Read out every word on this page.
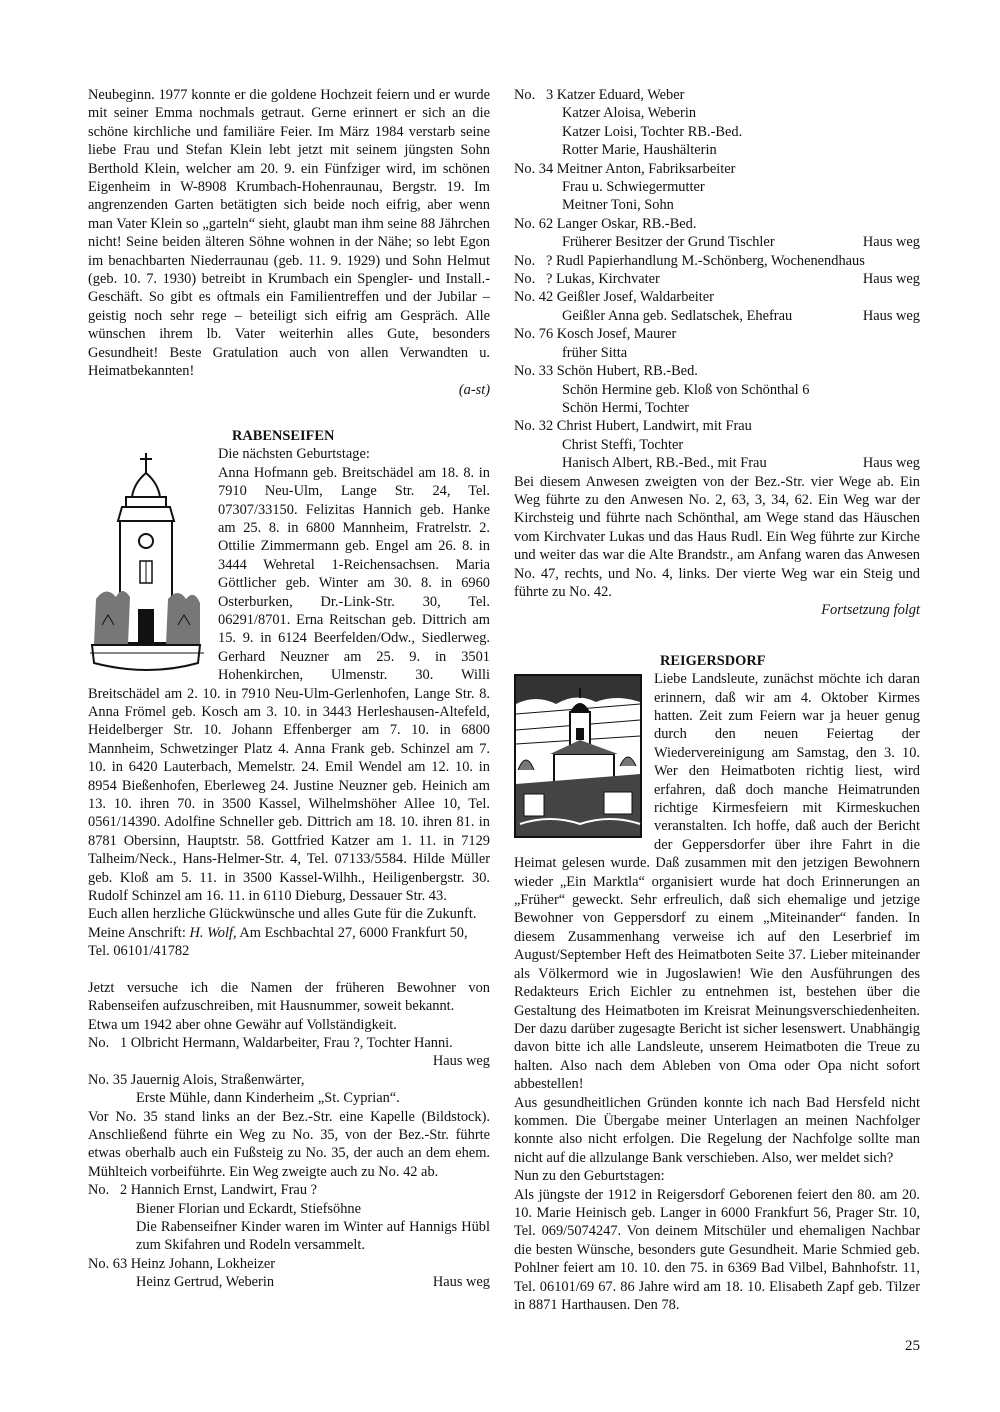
Neubeginn. 1977 konnte er die goldene Hochzeit feiern und er wurde mit seiner Emma nochmals getraut. Gerne erinnert er sich an die schöne kirchliche und familiäre Feier. Im März 1984 verstarb seine liebe Frau und Stefan Klein lebt jetzt mit seinem jüngsten Sohn Berthold Klein, welcher am 20. 9. ein Fünfziger wird, im schönen Eigenheim in W-8908 Krumbach-Hohenraunau, Bergstr. 19. Im angrenzenden Garten betätigten sich beide noch eifrig, aber wenn man Vater Klein so „garteln“ sieht, glaubt man ihm seine 88 Jährchen nicht! Seine beiden älteren Söhne wohnen in der Nähe; so lebt Egon im benachbarten Niederraunau (geb. 11. 9. 1929) und Sohn Helmut (geb. 10. 7. 1930) betreibt in Krumbach ein Spengler- und Install.-Geschäft. So gibt es oftmals ein Familientreffen und der Jubilar – geistig noch sehr rege – beteiligt sich eifrig am Gespräch. Alle wünschen ihrem lb. Vater weiterhin alles Gute, besonders Gesundheit! Beste Gratulation auch von allen Verwandten u. Heimatbekannten!

(a-st)

RABENSEIFEN

Die nächsten Geburtstage:

Anna Hofmann geb. Breitschädel am 18. 8. in 7910 Neu-Ulm, Lange Str. 24, Tel. 07307/33150. Felizitas Hannich geb. Hanke am 25. 8. in 6800 Mannheim, Fratrelstr. 2. Ottilie Zimmermann geb. Engel am 26. 8. in 3444 Wehretal 1-Reichensachsen. Maria Göttlicher geb. Winter am 30. 8. in 6960 Osterburken, Dr.-Link-Str. 30, Tel. 06291/8701. Erna Reitschan geb. Dittrich am 15. 9. in 6124 Beerfelden/Odw., Siedlerweg. Gerhard Neuzner am 25. 9. in 3501 Hohenkirchen, Ulmenstr. 30. Willi Breitschädel am 2. 10. in 7910 Neu-Ulm-Gerlenhofen, Lange Str. 8. Anna Frömel geb. Kosch am 3. 10. in 3443 Herleshausen-Altefeld, Heidelberger Str. 10. Johann Effenberger am 7. 10. in 6800 Mannheim, Schwetzinger Platz 4. Anna Frank geb. Schinzel am 7. 10. in 6420 Lauterbach, Memelstr. 24. Emil Wendel am 12. 10. in 8954 Bießenhofen, Eberleweg 24. Justine Neuzner geb. Heinich am 13. 10. ihren 70. in 3500 Kassel, Wilhelmshöher Allee 10, Tel. 0561/14390. Adolfine Schneller geb. Dittrich am 18. 10. ihren 81. in 8781 Obersinn, Hauptstr. 58. Gottfried Katzer am 1. 11. in 7129 Talheim/Neck., Hans-Helmer-Str. 4, Tel. 07133/5584. Hilde Müller geb. Kloß am 5. 11. in 3500 Kassel-Wilhh., Heiligenbergstr. 30. Rudolf Schinzel am 16. 11. in 6110 Dieburg, Dessauer Str. 43.

Euch allen herzliche Glückwünsche und alles Gute für die Zukunft.

Meine Anschrift: H. Wolf, Am Eschbachtal 27, 6000 Frankfurt 50, Tel. 06101/41782

Jetzt versuche ich die Namen der früheren Bewohner von Rabenseifen aufzuschreiben, mit Hausnummer, soweit bekannt.

Etwa um 1942 aber ohne Gewähr auf Vollständigkeit.

No.   1 Olbricht Hermann, Waldarbeiter, Frau ?, Tochter Hanni.

Haus weg

No. 35 Jauernig Alois, Straßenwärter,

Erste Mühle, dann Kinderheim „St. Cyprian“.

Vor No. 35 stand links an der Bez.-Str. eine Kapelle (Bildstock). Anschließend führte ein Weg zu No. 35, von der Bez.-Str. führte etwas oberhalb auch ein Fußsteig zu No. 35, der auch an dem ehem. Mühlteich vorbeiführte. Ein Weg zweigte auch zu No. 42 ab.

No.   2 Hannich Ernst, Landwirt, Frau ?

Biener Florian und Eckardt, Stiefsöhne

Die Rabenseifner Kinder waren im Winter auf Hannigs Hübl zum Skifahren und Rodeln versammelt.

No. 63 Heinz Johann, Lokheizer

Heinz Gertrud, Weberin	Haus weg

No.   3 Katzer Eduard, Weber

Katzer Aloisa, Weberin

Katzer Loisi, Tochter RB.-Bed.

Rotter Marie, Haushälterin

No. 34 Meitner Anton, Fabriksarbeiter

Frau u. Schwiegermutter

Meitner Toni, Sohn

No. 62 Langer Oskar, RB.-Bed.

Früherer Besitzer der Grund Tischler	Haus weg

No.   ? Rudl Papierhandlung M.-Schönberg, Wochenendhaus

No.   ? Lukas, Kirchvater	Haus weg

No. 42 Geißler Josef, Waldarbeiter

Geißler Anna geb. Sedlatschek, Ehefrau	Haus weg

No. 76 Kosch Josef, Maurer

früher Sitta

No. 33 Schön Hubert, RB.-Bed.

Schön Hermine geb. Kloß von Schönthal 6

Schön Hermi, Tochter

No. 32 Christ Hubert, Landwirt, mit Frau

Christ Steffi, Tochter

Hanisch Albert, RB.-Bed., mit Frau	Haus weg

Bei diesem Anwesen zweigten von der Bez.-Str. vier Wege ab. Ein Weg führte zu den Anwesen No. 2, 63, 3, 34, 62. Ein Weg war der Kirchsteig und führte nach Schönthal, am Wege stand das Häuschen vom Kirchvater Lukas und das Haus Rudl. Ein Weg führte zur Kirche und weiter das war die Alte Brandstr., am Anfang waren das Anwesen No. 47, rechts, und No. 4, links. Der vierte Weg war ein Steig und führte zu No. 42.

Fortsetzung folgt

REIGERSDORF

Liebe Landsleute, zunächst möchte ich daran erinnern, daß wir am 4. Oktober Kirmes hatten. Zeit zum Feiern war ja heuer genug durch den neuen Feiertag der Wiedervereinigung am Samstag, den 3. 10. Wer den Heimatboten richtig liest, wird erfahren, daß doch manche Heimatrunden richtige Kirmesfeiern mit Kirmeskuchen veranstalten. Ich hoffe, daß auch der Bericht der Geppersdorfer über ihre Fahrt in die Heimat gelesen wurde. Daß zusammen mit den jetzigen Bewohnern wieder „Ein Marktla“ organisiert wurde hat doch Erinnerungen an „Früher“ geweckt. Sehr erfreulich, daß sich ehemalige und jetzige Bewohner von Geppersdorf zu einem „Miteinander“ fanden. In diesem Zusammenhang verweise ich auf den Leserbrief im August/September Heft des Heimatboten Seite 37. Lieber miteinander als Völkermord wie in Jugoslawien! Wie den Ausführungen des Redakteurs Erich Eichler zu entnehmen ist, bestehen über die Gestaltung des Heimatboten im Kreisrat Meinungsverschiedenheiten. Der dazu darüber zugesagte Bericht ist sicher lesenswert. Unabhängig davon bitte ich alle Landsleute, unserem Heimatboten die Treue zu halten. Also nach dem Ableben von Oma oder Opa nicht sofort abbestellen!

Aus gesundheitlichen Gründen konnte ich nach Bad Hersfeld nicht kommen. Die Übergabe meiner Unterlagen an meinen Nachfolger konnte also nicht erfolgen. Die Regelung der Nachfolge sollte man nicht auf die allzulange Bank verschieben. Also, wer meldet sich?

Nun zu den Geburtstagen:

Als jüngste der 1912 in Reigersdorf Geborenen feiert den 80. am 20. 10. Marie Heinisch geb. Langer in 6000 Frankfurt 56, Prager Str. 10, Tel. 069/5074247. Von deinem Mitschüler und ehemaligen Nachbar die besten Wünsche, besonders gute Gesundheit. Marie Schmied geb. Pohlner feiert am 10. 10. den 75. in 6369 Bad Vilbel, Bahnhofstr. 11, Tel. 06101/69 67. 86 Jahre wird am 18. 10. Elisabeth Zapf geb. Tilzer in 8871 Harthausen. Den 78.

25
